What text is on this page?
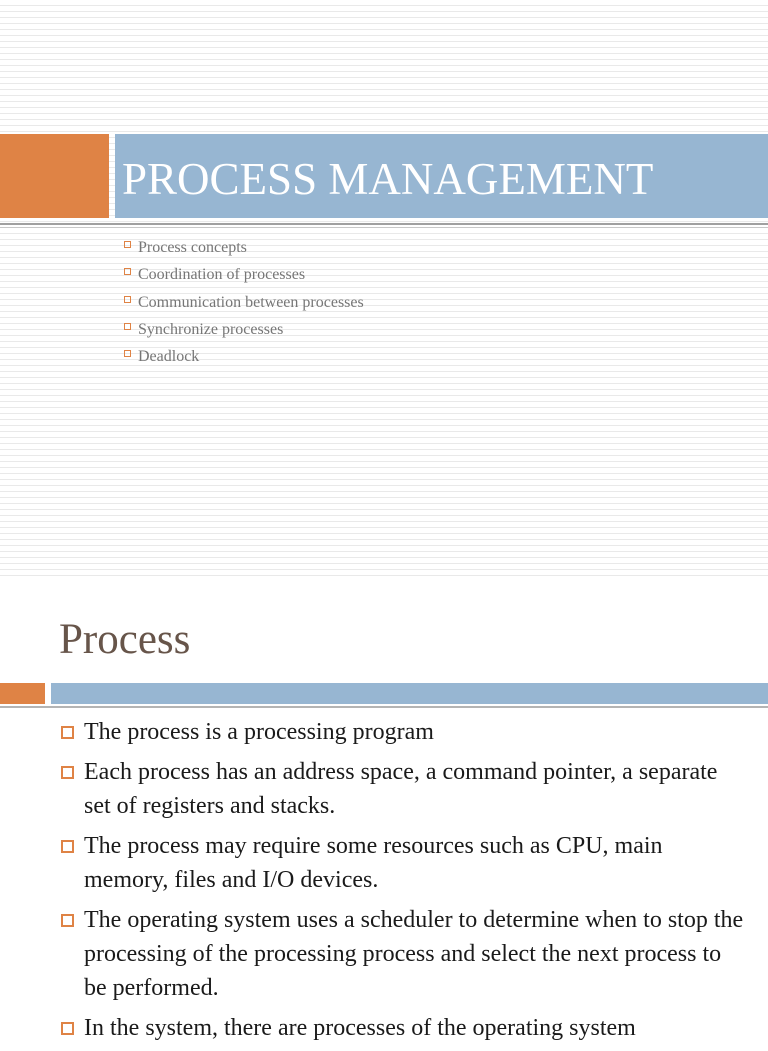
PROCESS MANAGEMENT
Process concepts
Coordination of processes
Communication between processes
Synchronize processes
Deadlock
Process
The process is a processing program
Each process has an address space, a command pointer, a separate set of registers and stacks.
The process may require some resources such as CPU, main memory, files and I/O devices.
The operating system uses a scheduler to determine when to stop the processing of the processing process and select the next process to be performed.
In the system, there are processes of the operating system
